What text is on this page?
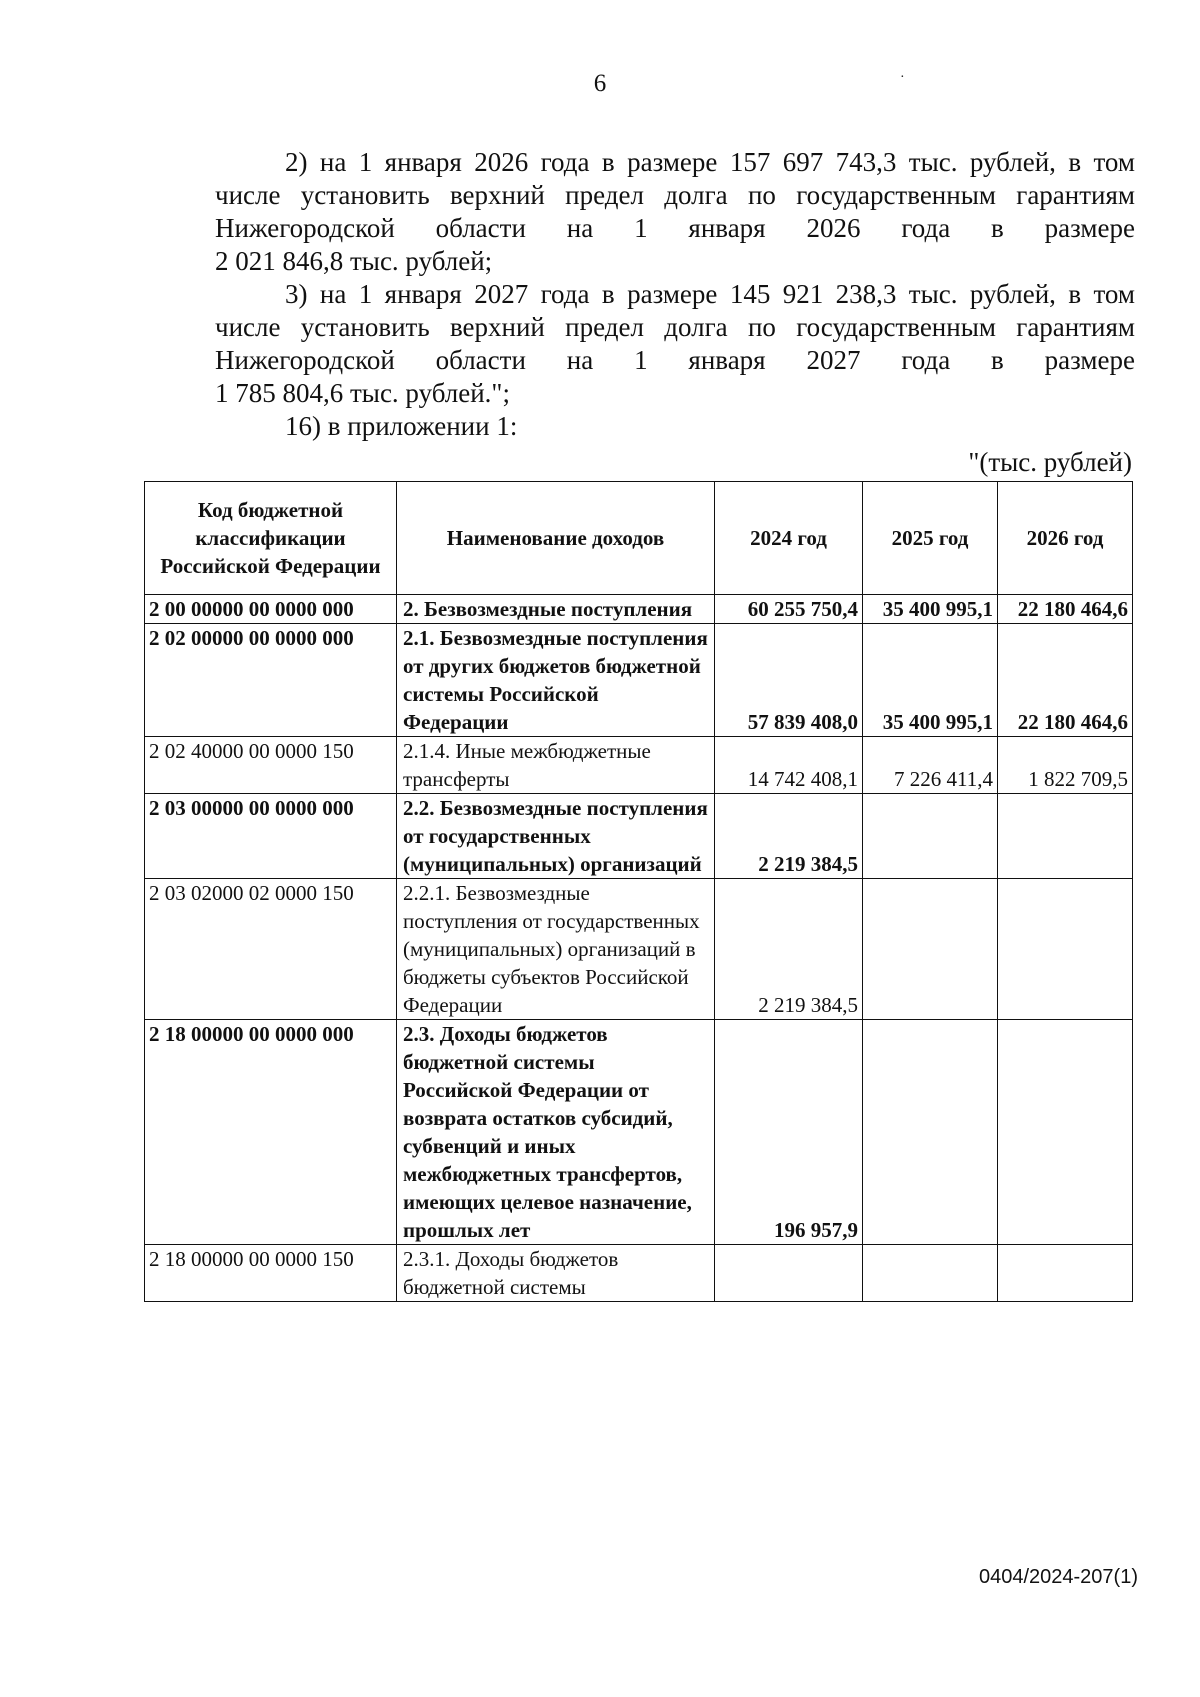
6	·

2) на 1 января 2026 года в размере 157 697 743,3 тыс. рублей, в том
числе установить верхний предел долга по государственным гарантиям
Нижегородской области на 1 января 2026 года в размере
2 021 846,8 тыс. рублей;

3) на 1 января 2027 года в размере 145 921 238,3 тыс. рублей, в том
числе установить верхний предел долга по государственным гарантиям
Нижегородской области на 1 января 2027 года в размере
1 785 804,6 тыс. рублей.";

16) в приложении 1:

"(тыс. рублей)
Код бюджетной классификации Российской Федерации	Наименование доходов	2024 год	2025 год	2026 год
2 00 00000 00 0000 000	2. Безвозмездные поступления	60 255 750,4	35 400 995,1	22 180 464,6
2 02 00000 00 0000 000	2.1. Безвозмездные поступления от других бюджетов бюджетной системы Российской Федерации	57 839 408,0	35 400 995,1	22 180 464,6
2 02 40000 00 0000 150	2.1.4. Иные межбюджетные трансферты	14 742 408,1	7 226 411,4	1 822 709,5
2 03 00000 00 0000 000	2.2. Безвозмездные поступления от государственных (муниципальных) организаций	2 219 384,5		
2 03 02000 02 0000 150	2.2.1. Безвозмездные поступления от государственных (муниципальных) организаций в бюджеты субъектов Российской Федерации	2 219 384,5		
2 18 00000 00 0000 000	2.3. Доходы бюджетов бюджетной системы Российской Федерации от возврата остатков субсидий, субвенций и иных межбюджетных трансфертов, имеющих целевое назначение, прошлых лет	196 957,9		
2 18 00000 00 0000 150	2.3.1. Доходы бюджетов бюджетной системы			
0404/2024-207(1)
